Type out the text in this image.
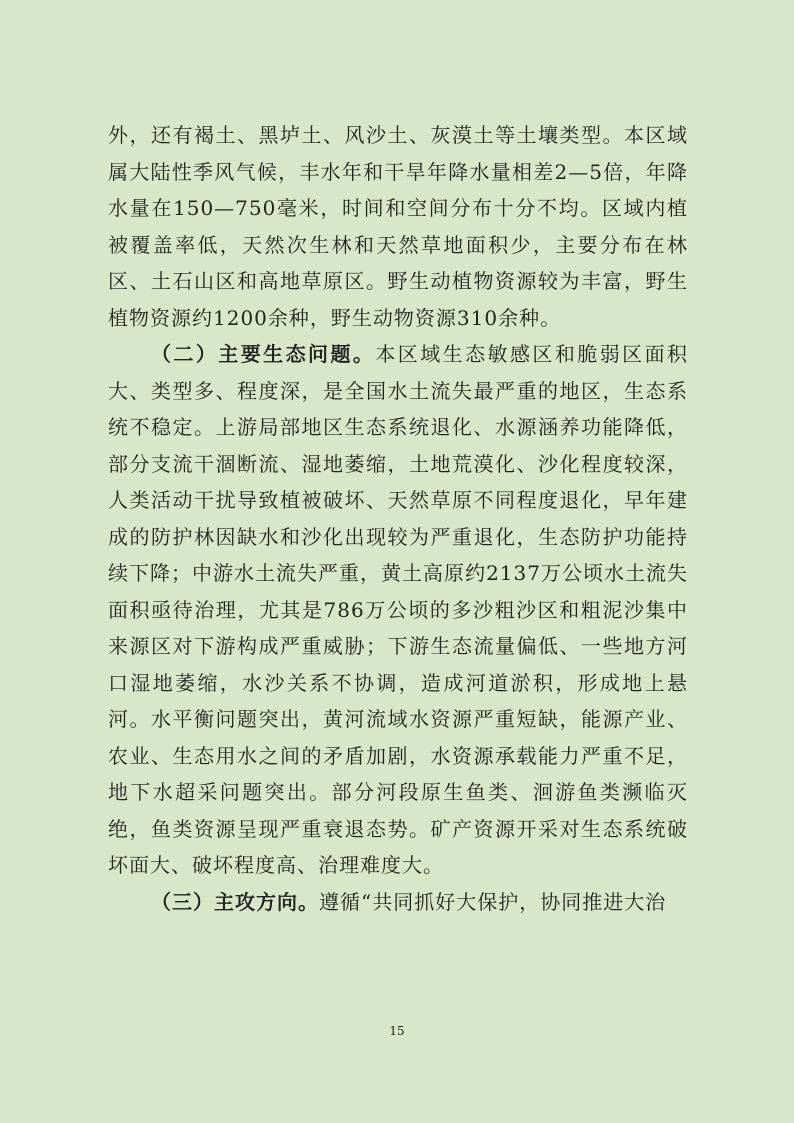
外，还有褐土、黑垆土、风沙土、灰漠土等土壤类型。本区域属大陆性季风气候，丰水年和干旱年降水量相差2—5倍，年降水量在150—750毫米，时间和空间分布十分不均。区域内植被覆盖率低，天然次生林和天然草地面积少，主要分布在林区、土石山区和高地草原区。野生动植物资源较为丰富，野生植物资源约1200余种，野生动物资源310余种。

（二）主要生态问题。本区域生态敏感区和脆弱区面积大、类型多、程度深，是全国水土流失最严重的地区，生态系统不稳定。上游局部地区生态系统退化、水源涵养功能降低，部分支流干涸断流、湿地萎缩，土地荒漠化、沙化程度较深，人类活动干扰导致植被破坏、天然草原不同程度退化，早年建成的防护林因缺水和沙化出现较为严重退化，生态防护功能持续下降；中游水土流失严重，黄土高原约2137万公顷水土流失面积亟待治理，尤其是786万公顷的多沙粗沙区和粗泥沙集中来源区对下游构成严重威胁；下游生态流量偏低、一些地方河口湿地萎缩，水沙关系不协调，造成河道淤积，形成地上悬河。水平衡问题突出，黄河流域水资源严重短缺，能源产业、农业、生态用水之间的矛盾加剧，水资源承载能力严重不足，地下水超采问题突出。部分河段原生鱼类、洄游鱼类濒临灭绝，鱼类资源呈现严重衰退态势。矿产资源开采对生态系统破坏面大、破坏程度高、治理难度大。

（三）主攻方向。遵循“共同抓好大保护，协同推进大治

15
